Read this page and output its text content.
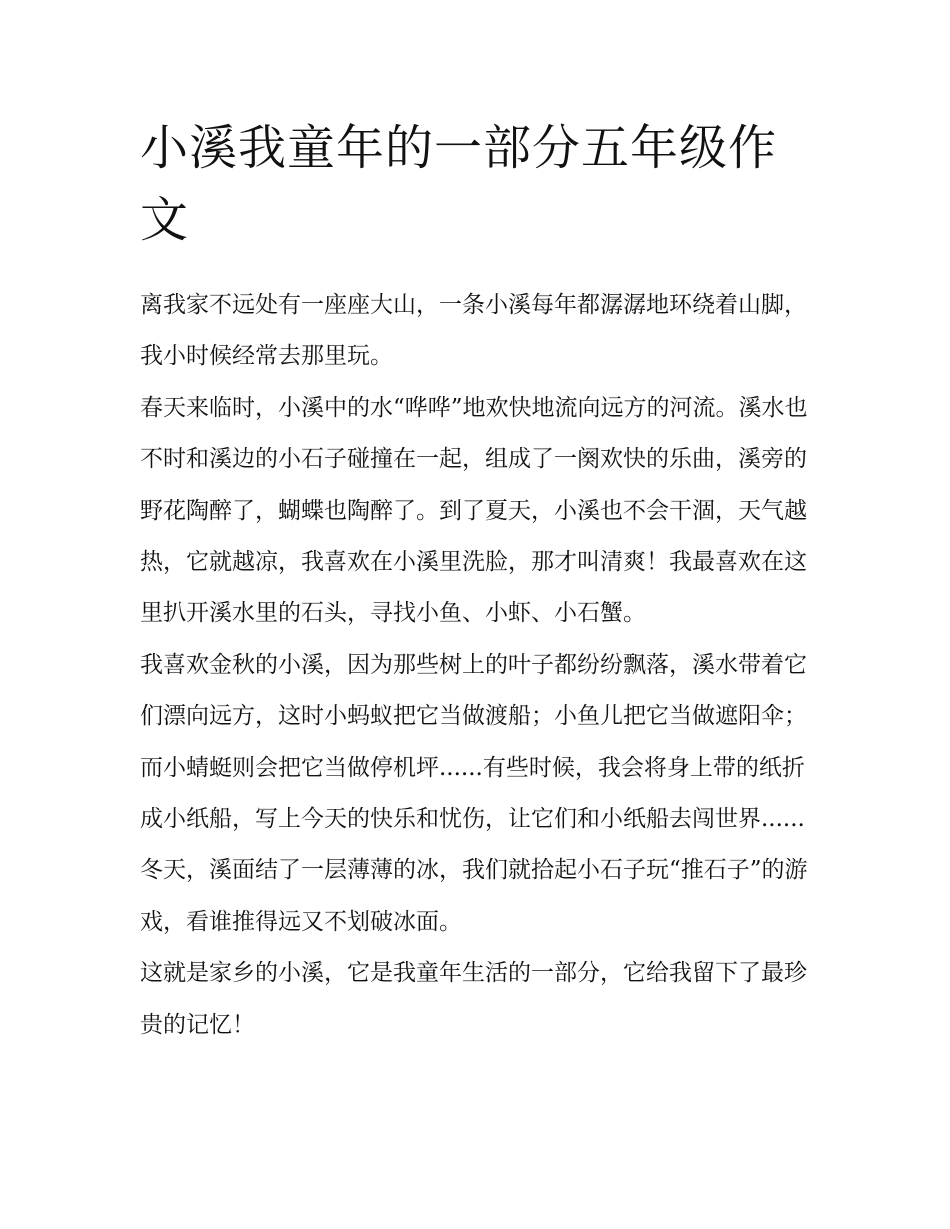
小溪我童年的一部分五年级作文

离我家不远处有一座座大山，一条小溪每年都潺潺地环绕着山脚，我小时候经常去那里玩。

春天来临时，小溪中的水“哗哗”地欢快地流向远方的河流。溪水也不时和溪边的小石子碰撞在一起，组成了一阕欢快的乐曲，溪旁的野花陶醉了，蝴蝶也陶醉了。到了夏天，小溪也不会干涸，天气越热，它就越凉，我喜欢在小溪里洗脸，那才叫清爽！我最喜欢在这里扒开溪水里的石头，寻找小鱼、小虾、小石蟹。

我喜欢金秋的小溪，因为那些树上的叶子都纷纷飘落，溪水带着它们漂向远方，这时小蚂蚁把它当做渡船；小鱼儿把它当做遮阳伞；而小蜻蜓则会把它当做停机坪......有些时候，我会将身上带的纸折成小纸船，写上今天的快乐和忧伤，让它们和小纸船去闯世界......冬天，溪面结了一层薄薄的冰，我们就拾起小石子玩“推石子”的游戏，看谁推得远又不划破冰面。

这就是家乡的小溪，它是我童年生活的一部分，它给我留下了最珍贵的记忆！
